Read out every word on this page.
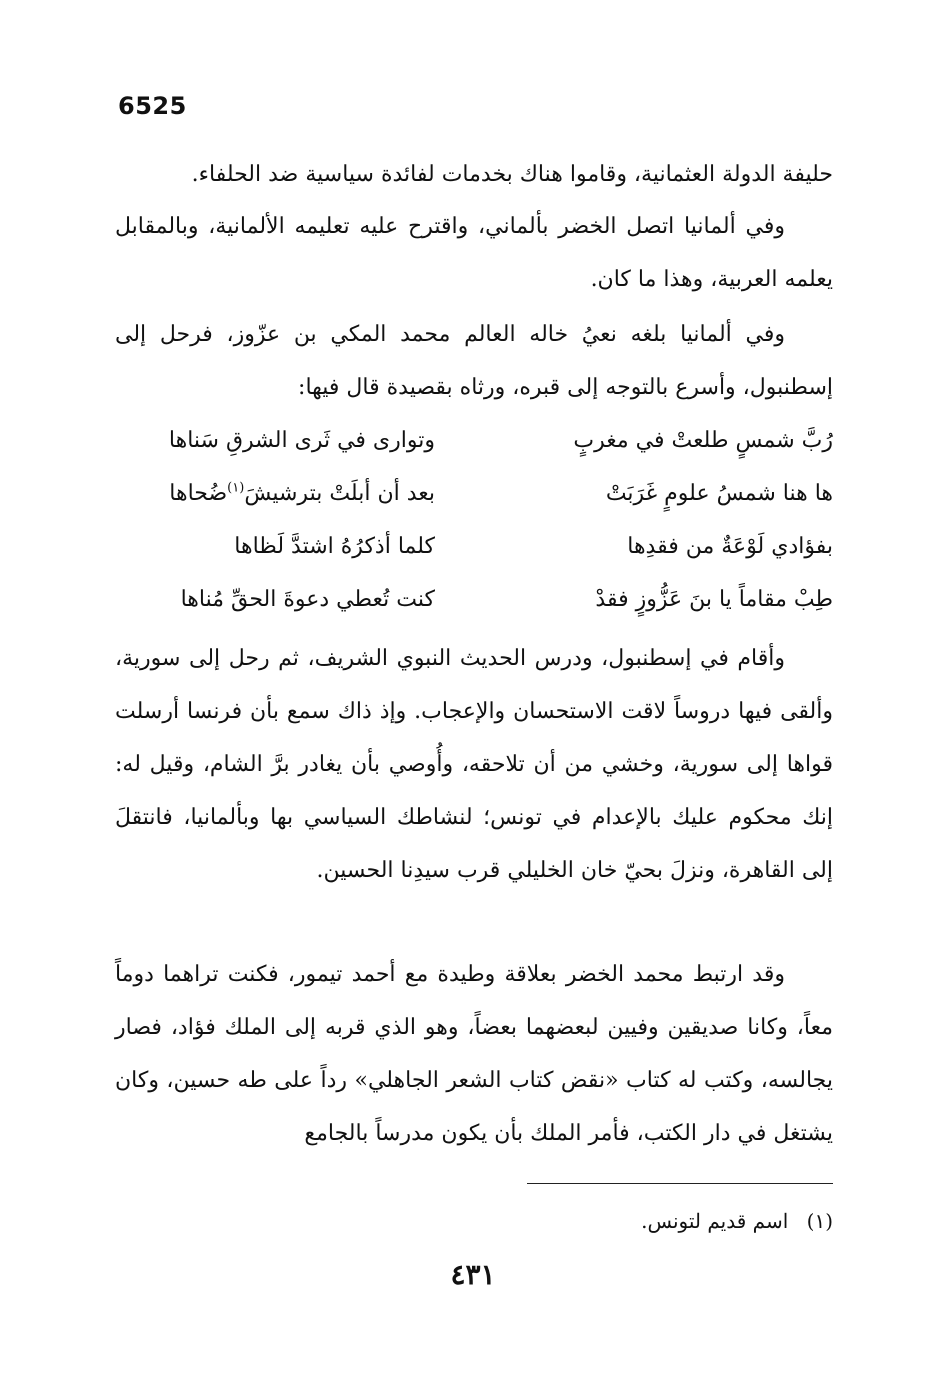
6525

حليفة الدولة العثمانية، وقاموا هناك بخدمات لفائدة سياسية ضد الحلفاء.

وفي ألمانيا اتصل الخضر بألماني، واقترح عليه تعليمه الألمانية، وبالمقابل يعلمه العربية، وهذا ما كان.

وفي ألمانيا بلغه نعيُ خاله العالم محمد المكي بن عزّوز، فرحل إلى إسطنبول، وأسرع بالتوجه إلى قبره، ورثاه بقصيدة قال فيها:

رُبَّ شمسٍ طلعتْ في مغربٍ
وتوارى في ثَرى الشرقِ سَناها
ها هنا شمسُ علومٍ غَرَبَتْ
بعد أن أبلَتْ بترشيشَ$^{(١)}$ضُحاها
بفؤادي لَوْعَةٌ من فقدِها
كلما أذكرُهُ اشتدَّ لَظاها
طِبْ مقاماً يا بنَ عَزُّوزٍ فقدْ
كنت تُعطي دعوةَ الحقِّ مُناها

وأقام في إسطنبول، ودرس الحديث النبوي الشريف، ثم رحل إلى سورية، وألقى فيها دروساً لاقت الاستحسان والإعجاب. وإذ ذاك سمع بأن فرنسا أرسلت قواها إلى سورية، وخشي من أن تلاحقه، وأُوصي بأن يغادر برَّ الشام، وقيل له: إنك محكوم عليك بالإعدام في تونس؛ لنشاطك السياسي بها وبألمانيا، فانتقلَ إلى القاهرة، ونزلَ بحيّ خان الخليلي قرب سيدِنا الحسين.

وقد ارتبط محمد الخضر بعلاقة وطيدة مع أحمد تيمور، فكنت تراهما دوماً معاً، وكانا صديقين وفيين لبعضهما بعضاً، وهو الذي قربه إلى الملك فؤاد، فصار يجالسه، وكتب له كتاب «نقض كتاب الشعر الجاهلي» رداً على طه حسين، وكان يشتغل في دار الكتب، فأمر الملك بأن يكون مدرساً بالجامع

(١) اسم قديم لتونس.
٤٣١
